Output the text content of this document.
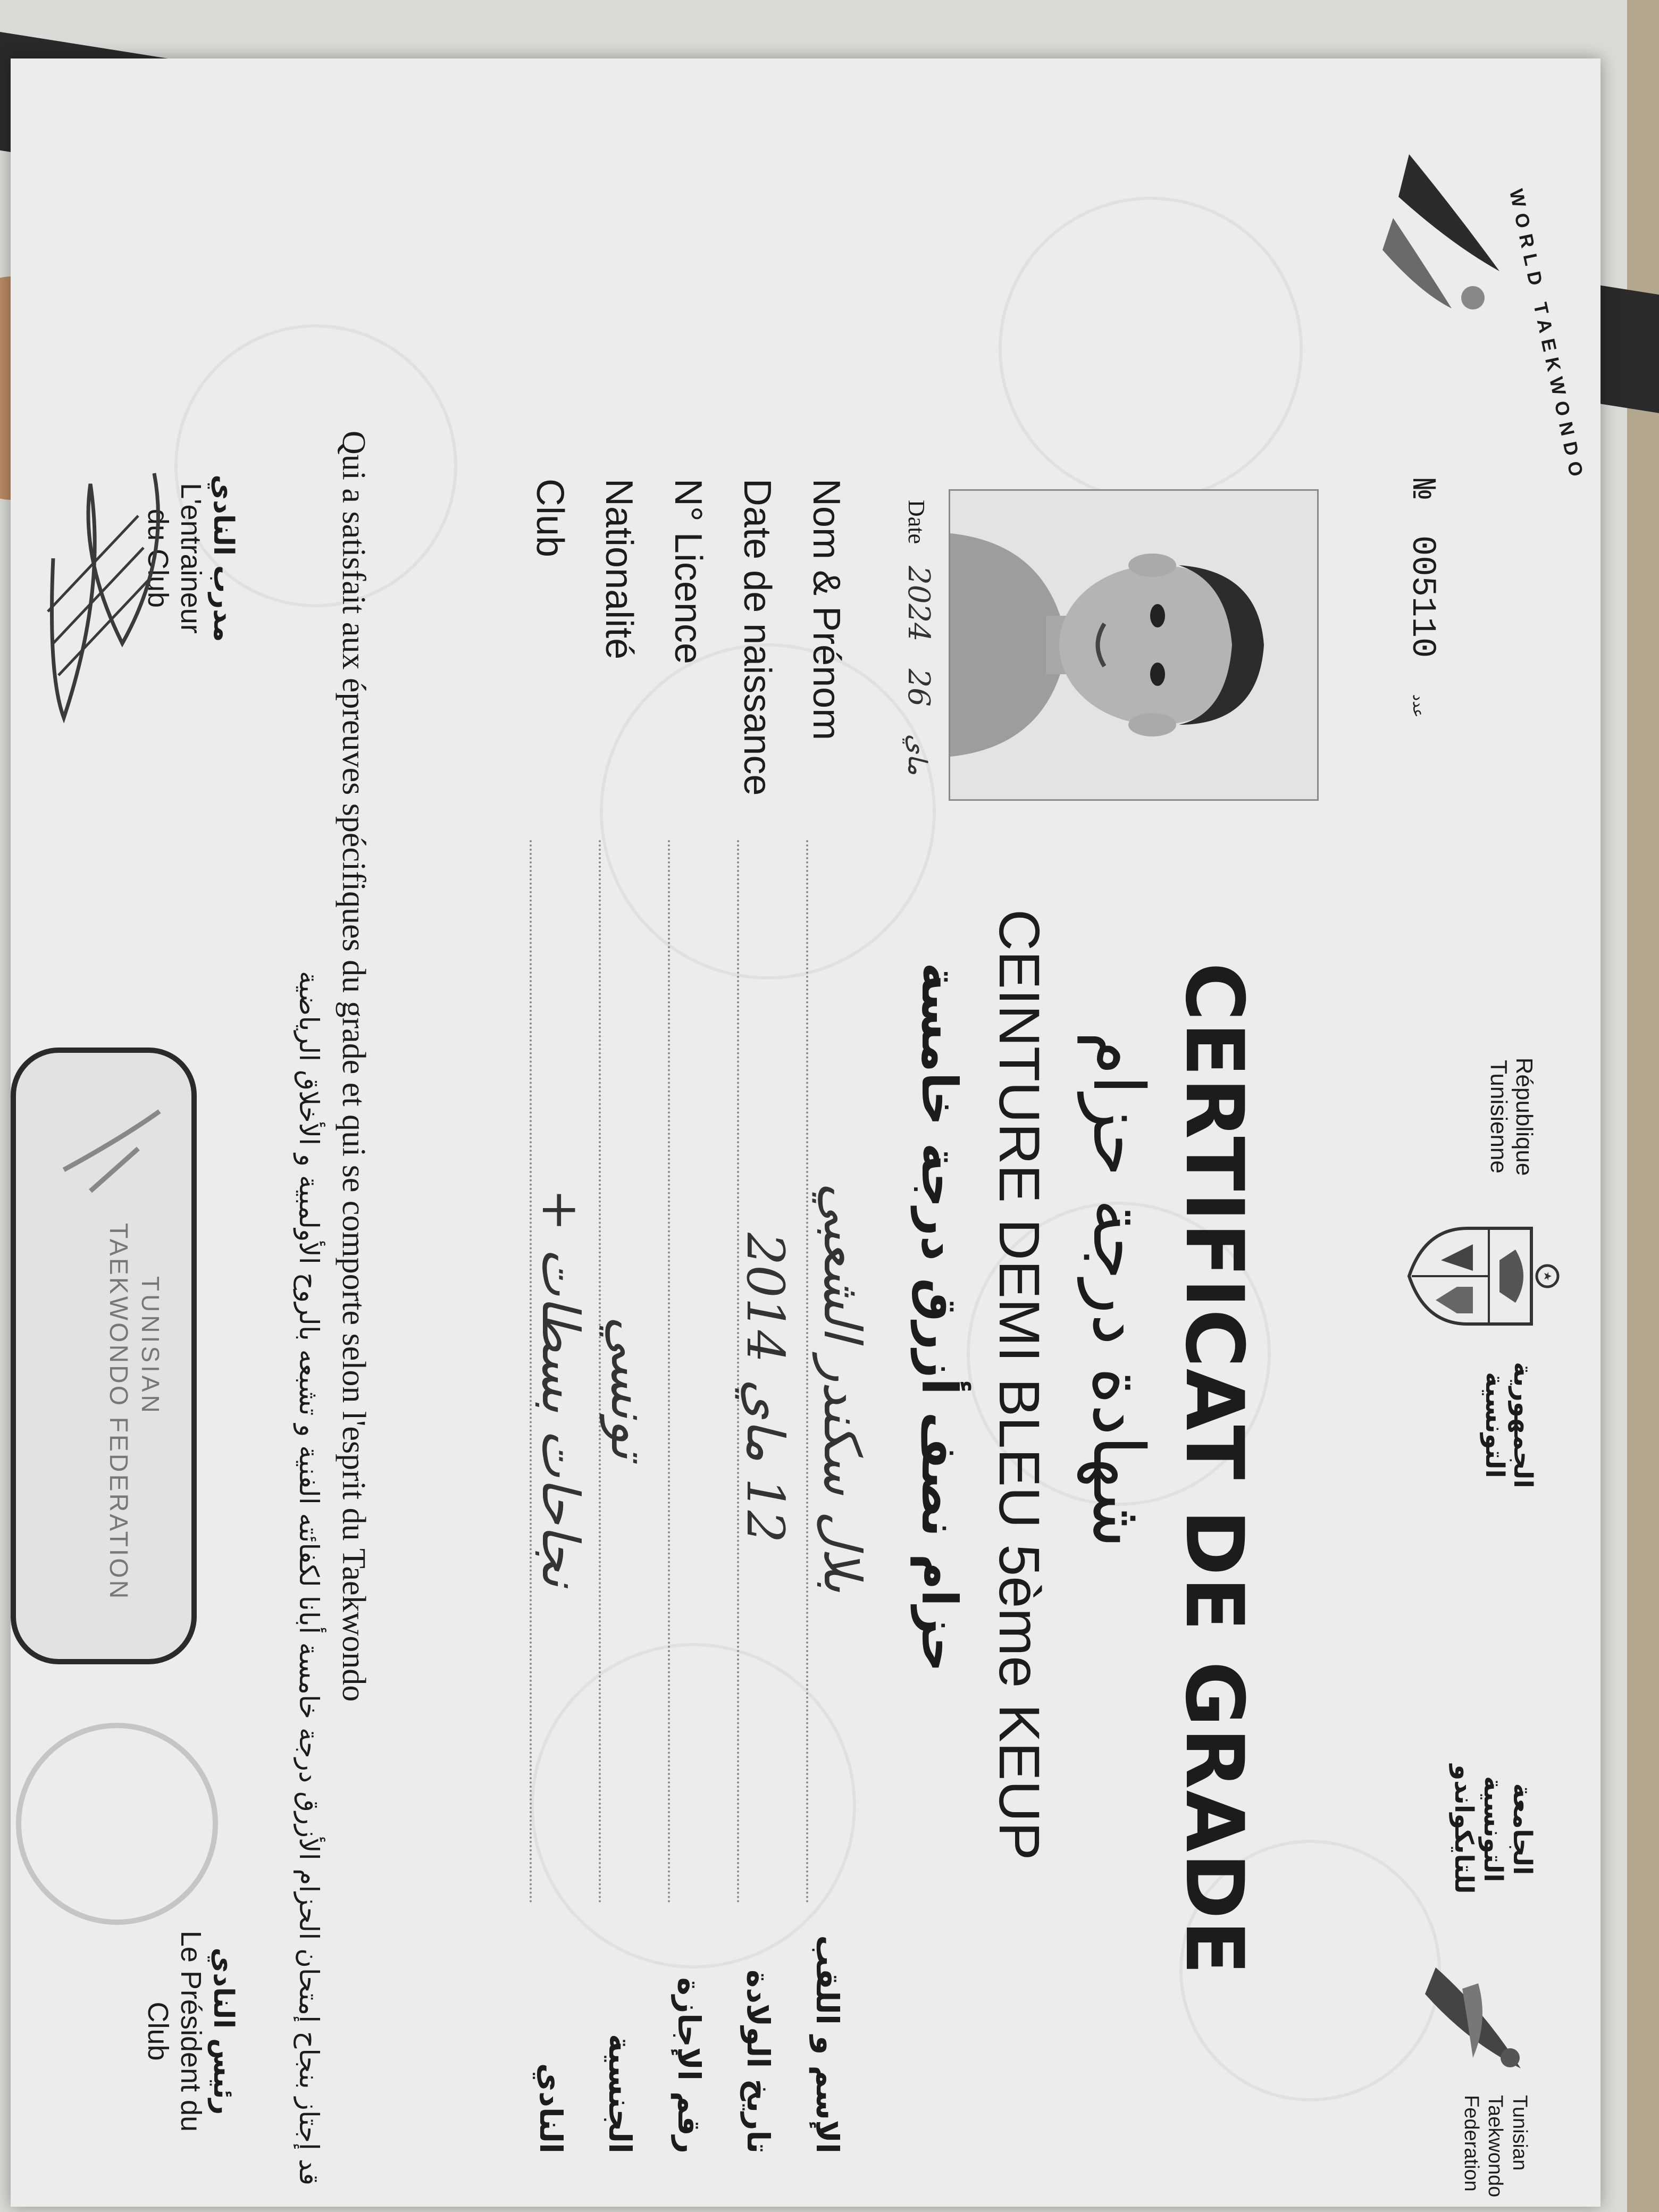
WORLD TAEKWONDO
République
Tunisienne
الجمهورية
التونسية
الجامعة
التونسية
للتايكواندو
Tunisian
Taekwondo
Federation
№ 005110 عدد
Date 2024 ماي 26
CERTIFICAT DE GRADE
شهادة درجة حزام
CEINTURE DEMI BLEU 5ème KEUP
حزام نصف أزرق درجة خامسة
Nom & Prénom
Date de naissance
N° Licence
Nationalité
Club
بلال سكندر الشعبي
12 ماي 2014
تونسي
نجاحات بسطات +
الإسم و اللقب
تاريخ الولادة
رقم الإجازة
الجنسية
النادي
Qui a satisfait aux épreuves spécifiques du grade et qui se comporte selon l'esprit du Taekwondo
قد إجتاز بنجاح إمتحان الحزام الأزرق درجة خامسة أبانا لكفائته الفنية و تشبعه بالروح الأولمبية و الأخلاق الرياضية
مدرب النادي
L'entraineur
du Club
TUNISIAN
TAEKWONDO FEDERATION
رئيس النادي
Le Président du
Club
